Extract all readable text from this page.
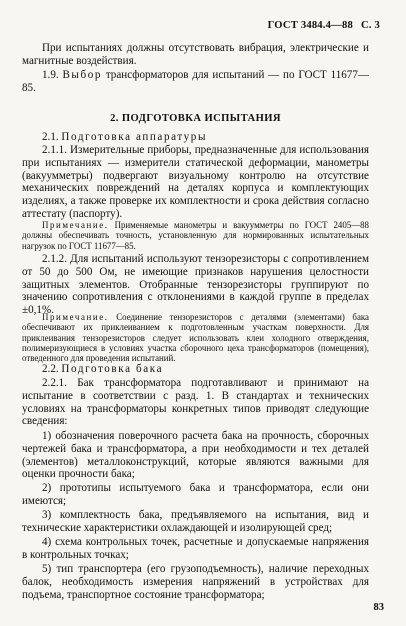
ГОСТ 3484.4—88 С. 3

При испытаниях должны отсутствовать вибрация, электрические и магнитные воздействия.

1.9. Выбор трансформаторов для испытаний — по ГОСТ 11677—85.

2. ПОДГОТОВКА ИСПЫТАНИЯ

2.1. Подготовка аппаратуры

2.1.1. Измерительные приборы, предназначенные для использования при испытаниях — измерители статической деформации, манометры (вакуумметры) подвергают визуальному контролю на отсутствие механических повреждений на деталях корпуса и комплектующих изделиях, а также проверке их комплектности и срока действия согласно аттестату (паспорту).

Примечание. Применяемые манометры и вакуумметры по ГОСТ 2405—88 должны обеспечивать точность, установленную для нормированных испытательных нагрузок по ГОСТ 11677—85.

2.1.2. Для испытаний используют тензорезисторы с сопротивлением от 50 до 500 Ом, не имеющие признаков нарушения целостности защитных элементов. Отобранные тензорезисторы группируют по значению сопротивления с отклонениями в каждой группе в пределах ±0,1%.

Примечание. Соединение тензорезисторов с деталями (элементами) бака обеспечивают их приклеиванием к подготовленным участкам поверхности. Для приклеивания тензорезисторов следует использовать клеи холодного отверждения, полимеризующиеся в условиях участка сборочного цеха трансформаторов (помещения), отведенного для проведения испытаний.

2.2. Подготовка бака

2.2.1. Бак трансформатора подготавливают и принимают на испытание в соответствии с разд. 1. В стандартах и технических условиях на трансформаторы конкретных типов приводят следующие сведения:

1) обозначения поверочного расчета бака на прочность, сборочных чертежей бака и трансформатора, а при необходимости и тех деталей (элементов) металлоконструкций, которые являются важными для оценки прочности бака;

2) прототипы испытуемого бака и трансформатора, если они имеются;

3) комплектность бака, предъявляемого на испытания, вид и технические характеристики охлаждающей и изолирующей сред;

4) схема контрольных точек, расчетные и допускаемые напряжения в контрольных точках;

5) тип транспортера (его грузоподъемность), наличие переходных балок, необходимость измерения напряжений в устройствах для подъема, транспортное состояние трансформатора;

83
